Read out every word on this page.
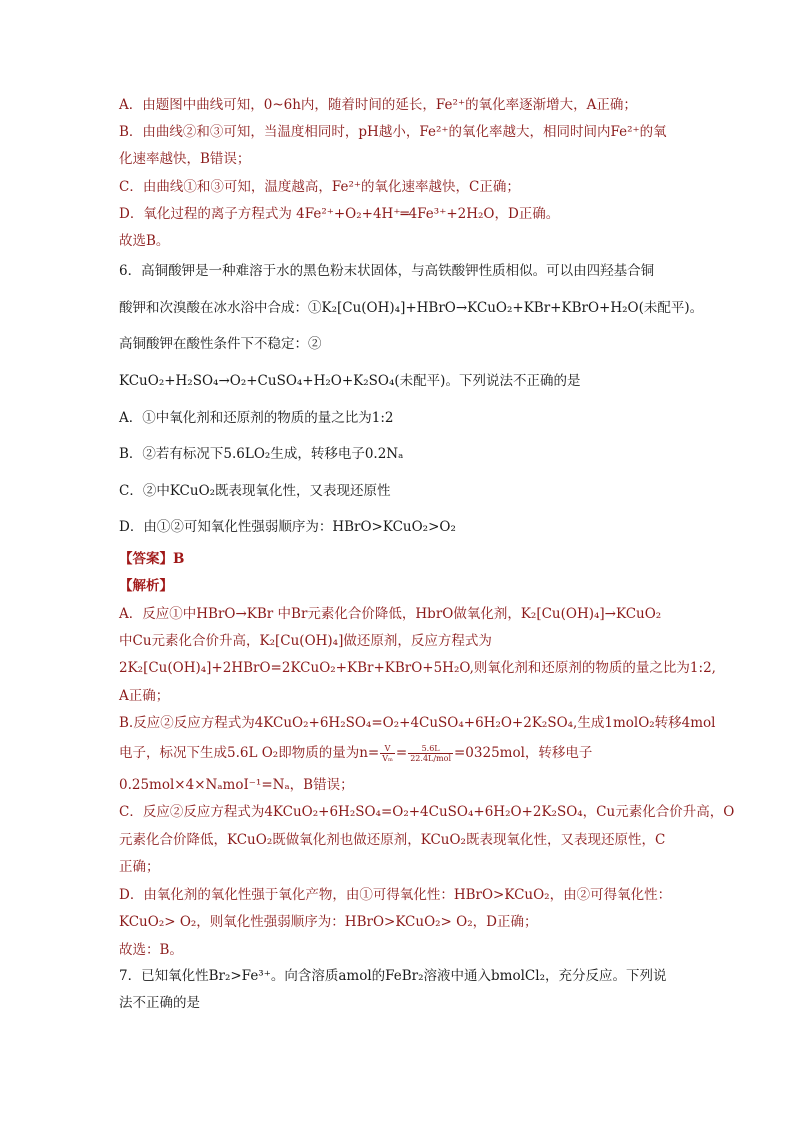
A．由题图中曲线可知，0~6h内，随着时间的延长，Fe²⁺的氧化率逐渐增大，A正确；
B．由曲线②和③可知，当温度相同时，pH越小，Fe²⁺的氧化率越大，相同时间内Fe²⁺的氧
化速率越快，B错误；
C．由曲线①和③可知，温度越高，Fe²⁺的氧化速率越快，C正确；
D．氧化过程的离子方程式为 4Fe²⁺+O₂+4H⁺═4Fe³⁺+2H₂O，D正确。
故选B。
6．高铜酸钾是一种难溶于水的黑色粉末状固体，与高铁酸钾性质相似。可以由四羟基合铜
酸钾和次溴酸在冰水浴中合成：①K₂[Cu(OH)₄]+HBrO→KCuO₂+KBr+KBrO+H₂O(未配平)。
高铜酸钾在酸性条件下不稳定：②
KCuO₂+H₂SO₄→O₂+CuSO₄+H₂O+K₂SO₄(未配平)。下列说法不正确的是
A．①中氧化剂和还原剂的物质的量之比为1:2
B．②若有标况下5.6LO₂生成，转移电子0.2Nₐ
C．②中KCuO₂既表现氧化性，又表现还原性
D．由①②可知氧化性强弱顺序为：HBrO>KCuO₂>O₂
【答案】B
【解析】
A．反应①中HBrO→KBr 中Br元素化合价降低，HbrO做氧化剂，K₂[Cu(OH)₄]→KCuO₂
中Cu元素化合价升高，K₂[Cu(OH)₄]做还原剂，反应方程式为
2K₂[Cu(OH)₄]+2HBrO=2KCuO₂+KBr+KBrO+5H₂O,则氧化剂和还原剂的物质的量之比为1:2,
A正确；
B.反应②反应方程式为4KCuO₂+6H₂SO₄=O₂+4CuSO₄+6H₂O+2K₂SO₄,生成1molO₂转移4mol
电子，标况下生成5.6L O₂即物质的量为$n= \frac{V}{\text{Vₘ}} = \frac{5.6L}{\text{22.4L/mol}} =0325mol$，转移电子
0.25mol×4×NₐmoI⁻¹=Nₐ，B错误；
C．反应②反应方程式为4KCuO₂+6H₂SO₄=O₂+4CuSO₄+6H₂O+2K₂SO₄，Cu元素化合价升高，O
元素化合价降低，KCuO₂既做氧化剂也做还原剂，KCuO₂既表现氧化性，又表现还原性，C
正确；
D．由氧化剂的氧化性强于氧化产物，由①可得氧化性：HBrO>KCuO₂，由②可得氧化性：
KCuO₂> O₂，则氧化性强弱顺序为：HBrO>KCuO₂> O₂，D正确；
故选：B。
7．已知氧化性Br₂>Fe³⁺。向含溶质amol的FeBr₂溶液中通入bmolCl₂，充分反应。下列说
法不正确的是
